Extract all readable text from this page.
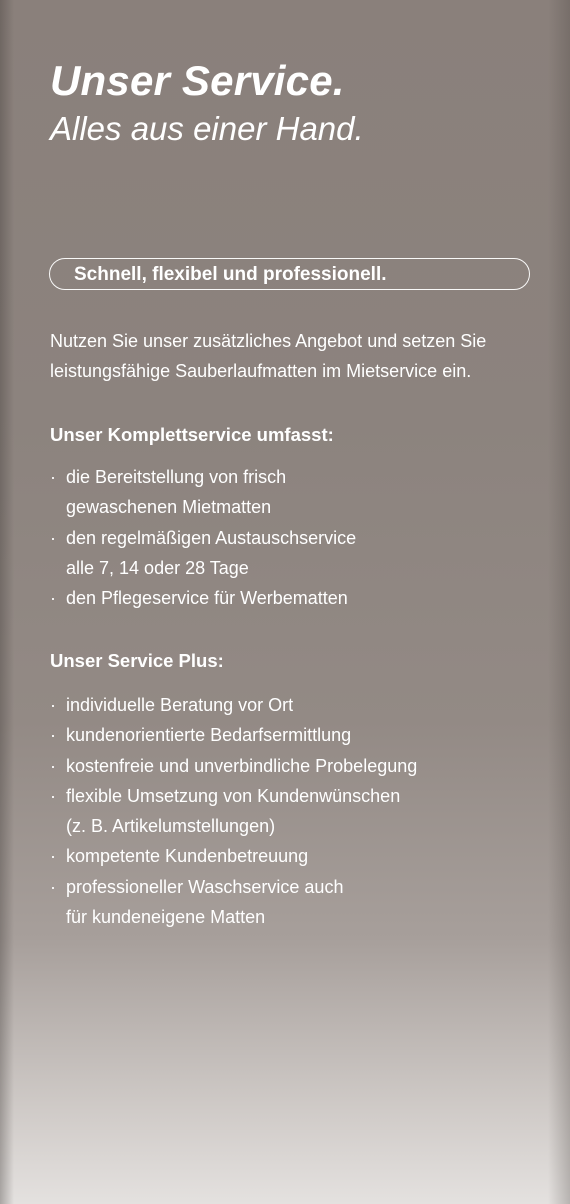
Unser Service.
Alles aus einer Hand.
Schnell, flexibel und professionell.

Nutzen Sie unser zusätzliches Angebot und setzen Sie leistungsfähige Sauberlaufmatten im Mietservice ein.

Unser Komplettservice umfasst:
· die Bereitstellung von frisch
gewaschenen Mietmatten
· den regelmäßigen Austauschservice
alle 7, 14 oder 28 Tage
· den Pflegeservice für Werbematten
Unser Service Plus:
· individuelle Beratung vor Ort
· kundenorientierte Bedarfsermittlung
· kostenfreie und unverbindliche Probelegung
· flexible Umsetzung von Kundenwünschen
(z. B. Artikelumstellungen)
· kompetente Kundenbetreuung
· professioneller Waschservice auch
für kundeneigene Matten
